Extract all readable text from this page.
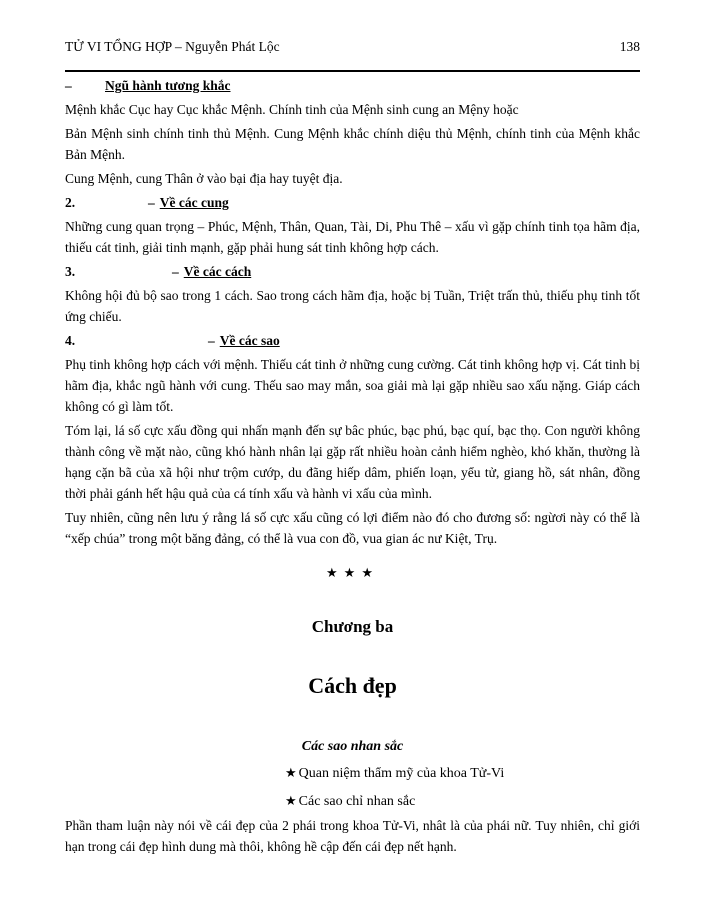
TỬ VI TỔNG HỢP – Nguyễn Phát Lộc	138
– Ngũ hành tương khắc

Mệnh khắc Cục hay Cục khắc Mệnh. Chính tinh của Mệnh sinh cung an Mệny hoặc

Bản Mệnh sinh chính tinh thủ Mệnh. Cung Mệnh khắc chính diệu thủ Mệnh, chính tinh của Mệnh khắc Bản Mệnh.

Cung Mệnh, cung Thân ở vào bại địa hay tuyệt địa.

2.	– Về các cung

Những cung quan trọng – Phúc, Mệnh, Thân, Quan, Tài, Di, Phu Thê – xấu vì gặp chính tinh tọa hãm địa, thiếu cát tinh, giải tinh mạnh, gặp phải hung sát tinh không hợp cách.

3.	– Về các cách

Không hội đủ bộ sao trong 1 cách. Sao trong cách hãm địa, hoặc bị Tuần, Triệt trấn thủ, thiếu phụ tinh tốt ứng chiếu.

4.	– Về các sao

Phụ tinh không hợp cách với mệnh. Thiếu cát tinh ở những cung cường. Cát tinh không hợp vị. Cát tinh bị hãm địa, khắc ngũ hành với cung. Thếu sao may mắn, soa giải mà lại gặp nhiều sao xấu nặng. Giáp cách không có gì làm tốt.

Tóm lại, lá số cực xấu đồng qui nhấn mạnh đến sự bâc phúc, bạc phú, bạc quí, bạc thọ. Con người không thành công về mặt nào, cũng khó hành nhân lại gặp rất nhiều hoàn cảnh hiểm nghèo, khó khăn, thường là hạng cặn bã của xã hội như trộm cướp, du đãng hiếp dâm, phiến loạn, yểu tử, giang hồ, sát nhân, đồng thời phải gánh hết hậu quả của cá tính xấu và hành vi xấu của mình.

Tuy nhiên, cũng nên lưu ý rằng lá số cực xấu cũng có lợi điểm nào đó cho đương số: ngừơi này có thể là “xếp chúa” trong một băng đảng, có thể là vua con đồ, vua gian ác nư Kiệt, Trụ.

★★★
Chương ba
Cách đẹp
Các sao nhan sắc
★ Quan niệm thẩm mỹ của khoa Tử-Vi
★ Các sao chỉ nhan sắc

Phần tham luận này nói về cái đẹp của 2 phái trong khoa Tử-Vi, nhât là của phái nữ. Tuy nhiên, chỉ giới hạn trong cái đẹp hình dung mà thôi, không hề cập đến cái đẹp nết hạnh.
